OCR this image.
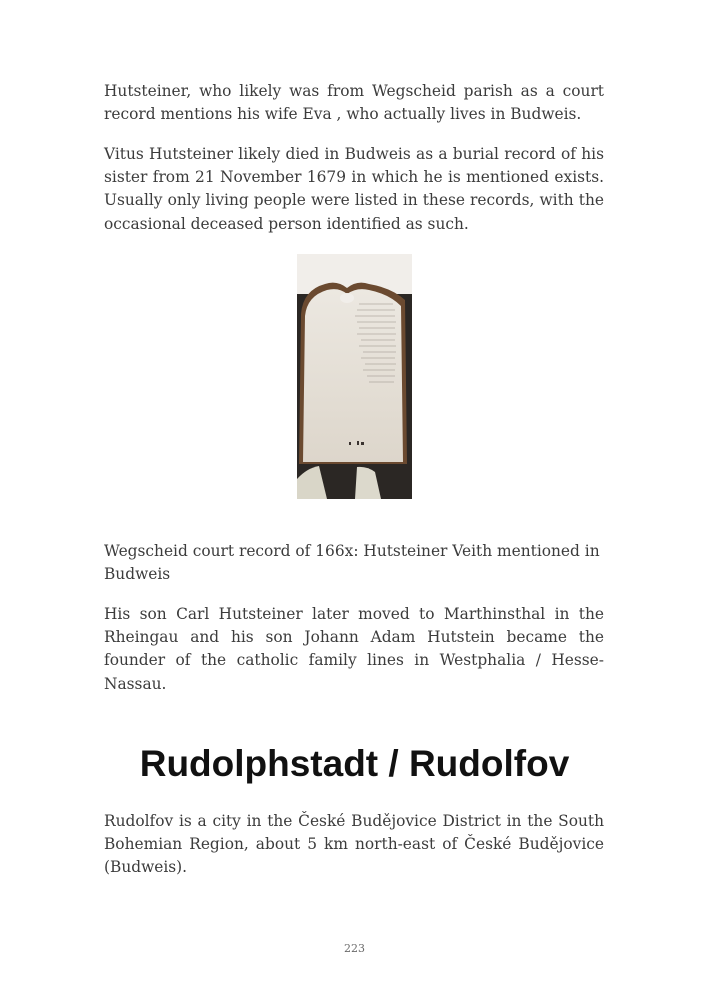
Hutsteiner, who likely was from Wegscheid parish as a court record mentions his wife Eva , who actually lives in Budweis.

Vitus Hutsteiner likely died in Budweis as a burial record of his sister from 21 November 1679 in which he is mentioned exists. Usually only living people were listed in these records, with the occasional deceased person identified as such.

Wegscheid court record of 166x: Hutsteiner Veith mentioned in Budweis

His son Carl Hutsteiner later moved to Marthinsthal in the Rheingau and his son Johann Adam Hutstein became the founder of the catholic family lines in Westphalia / Hesse-Nassau.

Rudolphstadt / Rudolfov

Rudolfov is a city in the České Budějovice District in the South Bohemian Region, about 5 km north-east of České Budějovice (Budweis).

223
